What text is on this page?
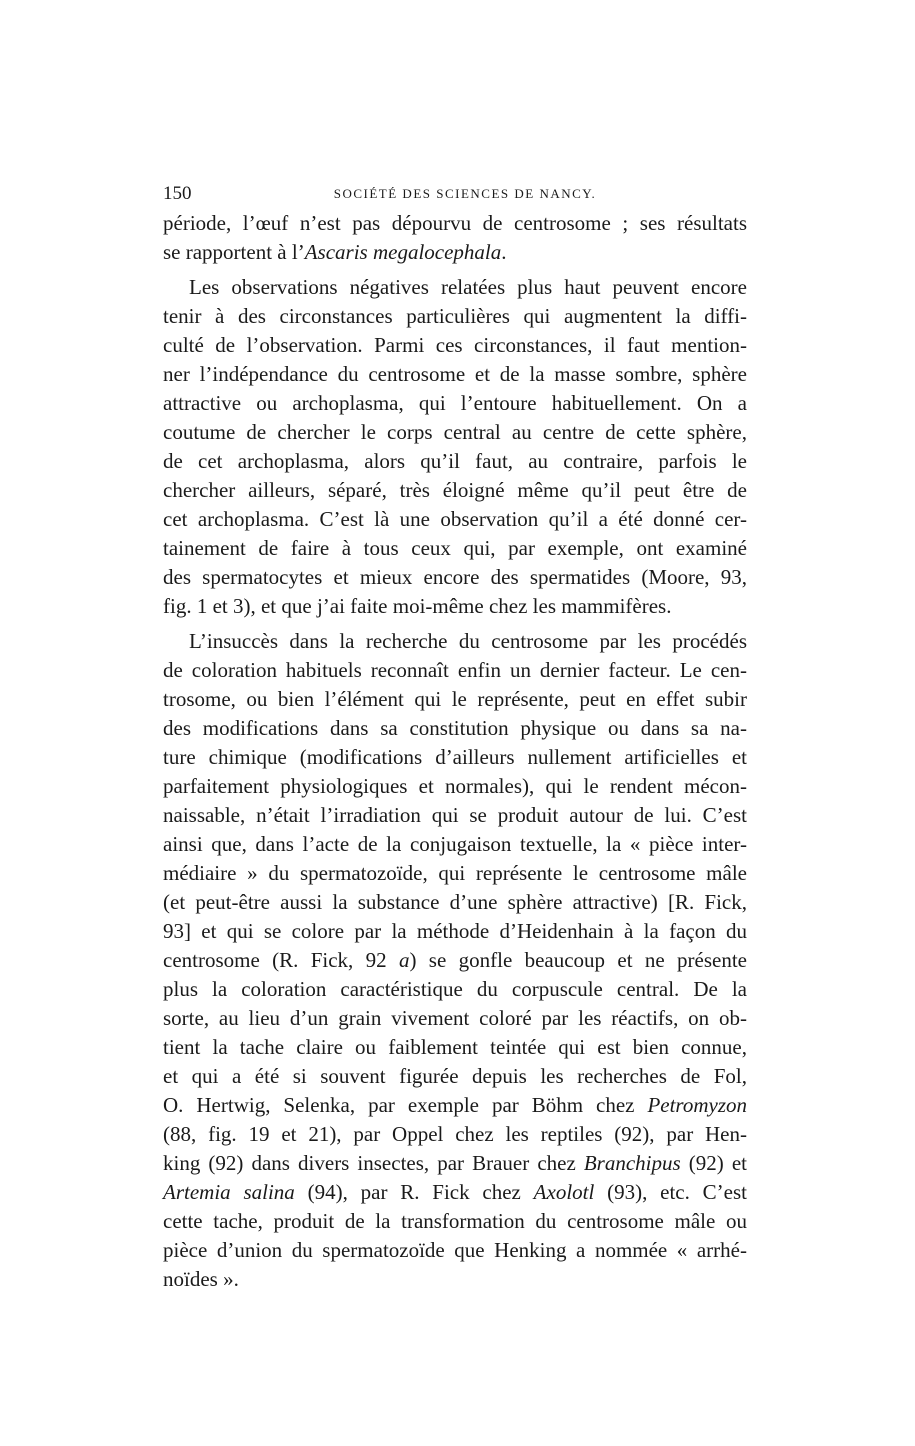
150	SOCIÉTÉ DES SCIENCES DE NANCY.
période, l’œuf n’est pas dépourvu de centrosome ; ses résultats
se rapportent à l’Ascaris megalocephala.
Les observations négatives relatées plus haut peuvent encore
tenir à des circonstances particulières qui augmentent la diffi-
culté de l’observation. Parmi ces circonstances, il faut mention-
ner l’indépendance du centrosome et de la masse sombre, sphère
attractive ou archoplasma, qui l’entoure habituellement. On a
coutume de chercher le corps central au centre de cette sphère,
de cet archoplasma, alors qu’il faut, au contraire, parfois le
chercher ailleurs, séparé, très éloigné même qu’il peut être de
cet archoplasma. C’est là une observation qu’il a été donné cer-
tainement de faire à tous ceux qui, par exemple, ont examiné
des spermatocytes et mieux encore des spermatides (Moore, 93,
fig. 1 et 3), et que j’ai faite moi-même chez les mammifères.
L’insuccès dans la recherche du centrosome par les procédés
de coloration habituels reconnaît enfin un dernier facteur. Le cen-
trosome, ou bien l’élément qui le représente, peut en effet subir
des modifications dans sa constitution physique ou dans sa na-
ture chimique (modifications d’ailleurs nullement artificielles et
parfaitement physiologiques et normales), qui le rendent mécon-
naissable, n’était l’irradiation qui se produit autour de lui. C’est
ainsi que, dans l’acte de la conjugaison textuelle, la « pièce inter-
médiaire » du spermatozoïde, qui représente le centrosome mâle
(et peut-être aussi la substance d’une sphère attractive) [R. Fick,
93] et qui se colore par la méthode d’Heidenhain à la façon du
centrosome (R. Fick, 92 a) se gonfle beaucoup et ne présente
plus la coloration caractéristique du corpuscule central. De la
sorte, au lieu d’un grain vivement coloré par les réactifs, on ob-
tient la tache claire ou faiblement teintée qui est bien connue,
et qui a été si souvent figurée depuis les recherches de Fol,
O. Hertwig, Selenka, par exemple par Böhm chez Petromyzon
(88, fig. 19 et 21), par Oppel chez les reptiles (92), par Hen-
king (92) dans divers insectes, par Brauer chez Branchipus (92) et
Artemia salina (94), par R. Fick chez Axolotl (93), etc. C’est
cette tache, produit de la transformation du centrosome mâle ou
pièce d’union du spermatozoïde que Henking a nommée « arrhé-
noïdes ».
